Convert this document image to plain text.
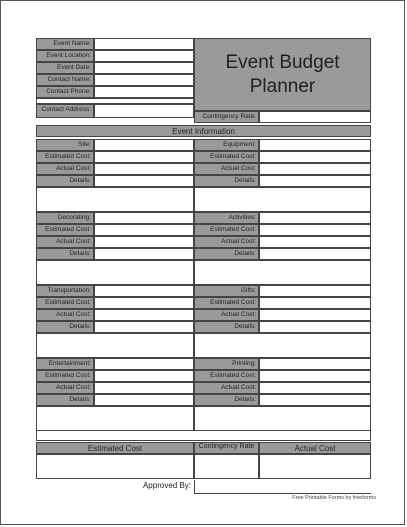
Event Name:
Event Location:
Event Date:
Contact Name:
Contact Phone:
Contact Address:
Event Budget Planner
Contingency Rate:
Event Information
Site:
Estimated Cost:
Actual Cost:
Details:
Equipment:
Estimated Cost:
Actual Cost:
Details:
Decorating:
Estimated Cost:
Actual Cost:
Details:
Activities:
Estimated Cost:
Actual Cost:
Details:
Transportation:
Estimated Cost:
Actual Cost:
Details:
Gifts:
Estimated Cost:
Actual Cost:
Details:
Entertainment:
Estimated Cost:
Actual Cost:
Details:
Printing:
Estimated Cost:
Actual Cost:
Details:
Estimated Cost	Contingency Rate	Actual Cost
Approved By:
Free Printable Forms by freeforms
